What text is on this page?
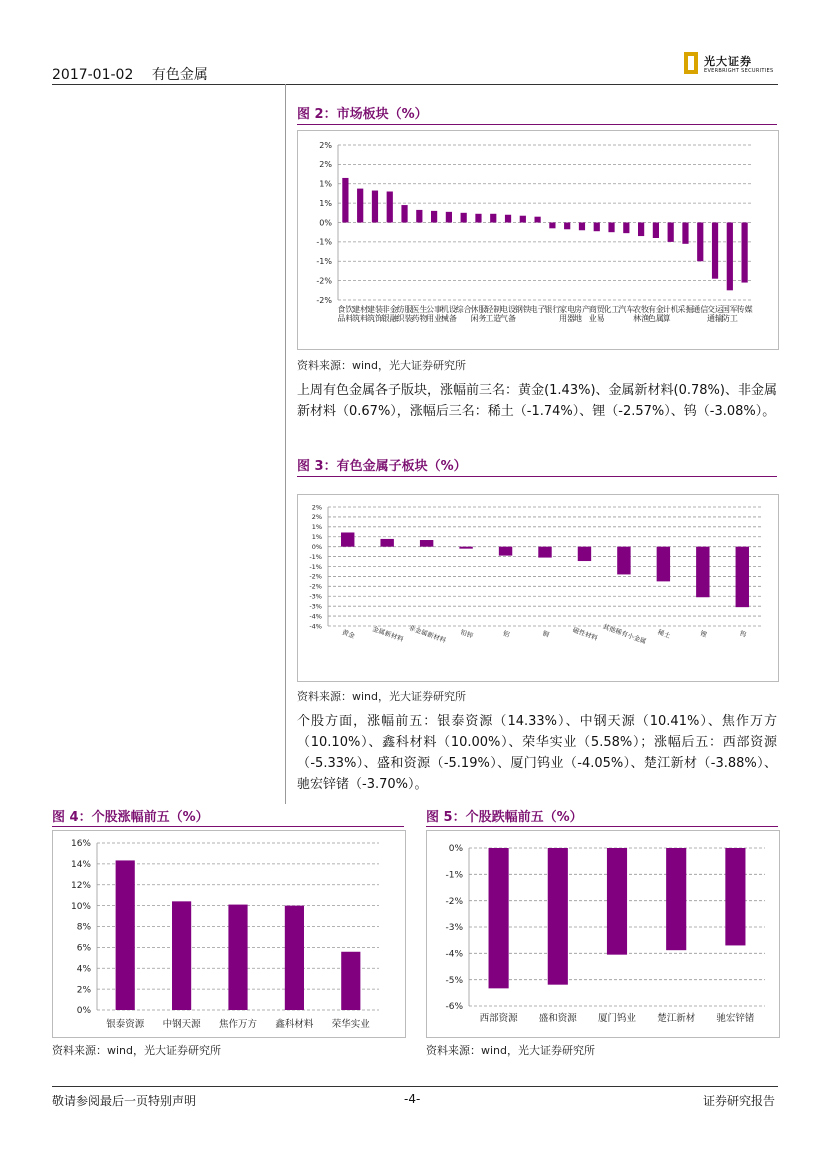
2017-01-02 有色金属
光大证券
EVERBRIGHT SECURITIES
图 2：市场板块（%）
2%
2%
1%
1%
0%
-1%
-1%
-2%
-2%
食品饮料
建筑材料
建筑装饰
非银金融
纺织服装
医药生物
公用事业
机械设备
综合
休闲服务
轻工制造
电气设备
钢铁
电子
银行
家用电器
房地产
商业贸易
化工
汽车
农林牧渔
有色金属
计算机
采掘
通信
交通运输
国防军工
传媒
资料来源：wind，光大证券研究所
上周有色金属各子版块，涨幅前三名：黄金(1.43%)、金属新材料(0.78%)、非金属新材料（0.67%），涨幅后三名：稀土（-1.74%）、锂（-2.57%）、钨（-3.08%）。
图 3：有色金属子板块（%）
2%
2%
1%
1%
0%
-1%
-1%
-2%
-2%
-3%
-3%
-4%
-4%
黄金 金属新材料 非金属新材料 铅锌	铝	铜	磁性材料 其他稀有小金属 稀土	锂	钨
资料来源：wind，光大证券研究所
个股方面，涨幅前五：银泰资源（14.33%）、中钢天源（10.41%）、焦作万方（10.10%）、鑫科材料（10.00%）、荣华实业（5.58%）；涨幅后五：西部资源（-5.33%）、盛和资源（-5.19%）、厦门钨业（-4.05%）、楚江新材（-3.88%）、驰宏锌锗（-3.70%）。
图 4：个股涨幅前五（%）
0%
2%
4%
6%
8%
10%
12%
14%
16%
银泰资源 中钢天源 焦作万方 鑫科材料 荣华实业
资料来源：wind，光大证券研究所
图 5：个股跌幅前五（%）
0%
-1%
-2%
-3%
-4%
-5%
-6%
西部资源 盛和资源 厦门钨业 楚江新材 驰宏锌锗
资料来源：wind，光大证券研究所
敬请参阅最后一页特别声明	-4-	证券研究报告
